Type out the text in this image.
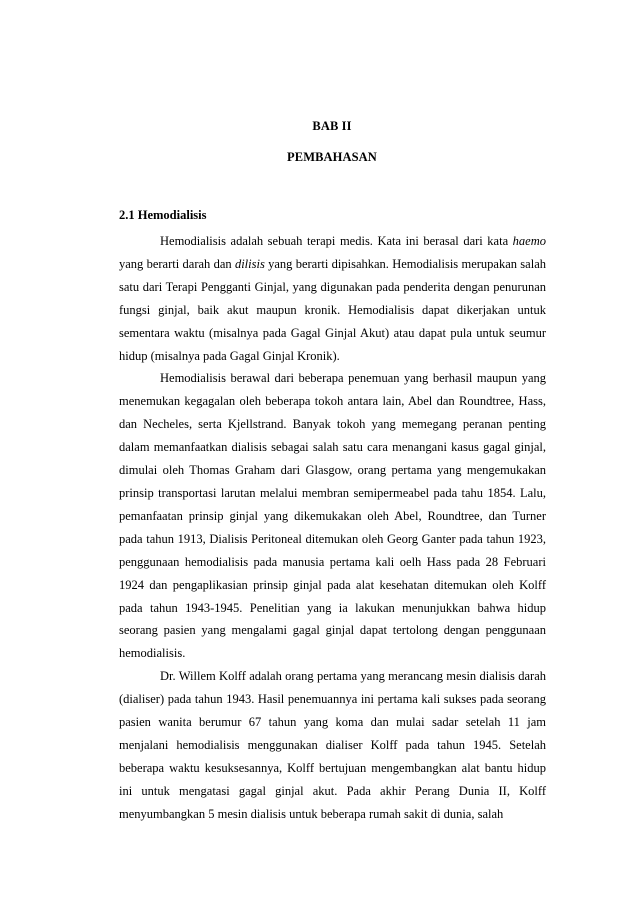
BAB II
PEMBAHASAN
2.1 Hemodialisis

Hemodialisis adalah sebuah terapi medis. Kata ini berasal dari kata haemo yang berarti darah dan dilisis yang berarti dipisahkan. Hemodialisis merupakan salah satu dari Terapi Pengganti Ginjal, yang digunakan pada penderita dengan penurunan fungsi ginjal, baik akut maupun kronik. Hemodialisis dapat dikerjakan untuk sementara waktu (misalnya pada Gagal Ginjal Akut) atau dapat pula untuk seumur hidup (misalnya pada Gagal Ginjal Kronik).

Hemodialisis berawal dari beberapa penemuan yang berhasil maupun yang menemukan kegagalan oleh beberapa tokoh antara lain, Abel dan Roundtree, Hass, dan Necheles, serta Kjellstrand. Banyak tokoh yang memegang peranan penting dalam memanfaatkan dialisis sebagai salah satu cara menangani kasus gagal ginjal, dimulai oleh Thomas Graham dari Glasgow, orang pertama yang mengemukakan prinsip transportasi larutan melalui membran semipermeabel pada tahu 1854. Lalu, pemanfaatan prinsip ginjal yang dikemukakan oleh Abel, Roundtree, dan Turner pada tahun 1913, Dialisis Peritoneal ditemukan oleh Georg Ganter pada tahun 1923, penggunaan hemodialisis pada manusia pertama kali oelh Hass pada 28 Februari 1924 dan pengaplikasian prinsip ginjal pada alat kesehatan ditemukan oleh Kolff pada tahun 1943-1945. Penelitian yang ia lakukan menunjukkan bahwa hidup seorang pasien yang mengalami gagal ginjal dapat tertolong dengan penggunaan hemodialisis.

Dr. Willem Kolff adalah orang pertama yang merancang mesin dialisis darah (dialiser) pada tahun 1943. Hasil penemuannya ini pertama kali sukses pada seorang pasien wanita berumur 67 tahun yang koma dan mulai sadar setelah 11 jam menjalani hemodialisis menggunakan dialiser Kolff pada tahun 1945. Setelah beberapa waktu kesuksesannya, Kolff bertujuan mengembangkan alat bantu hidup ini untuk mengatasi gagal ginjal akut. Pada akhir Perang Dunia II, Kolff menyumbangkan 5 mesin dialisis untuk beberapa rumah sakit di dunia, salah
